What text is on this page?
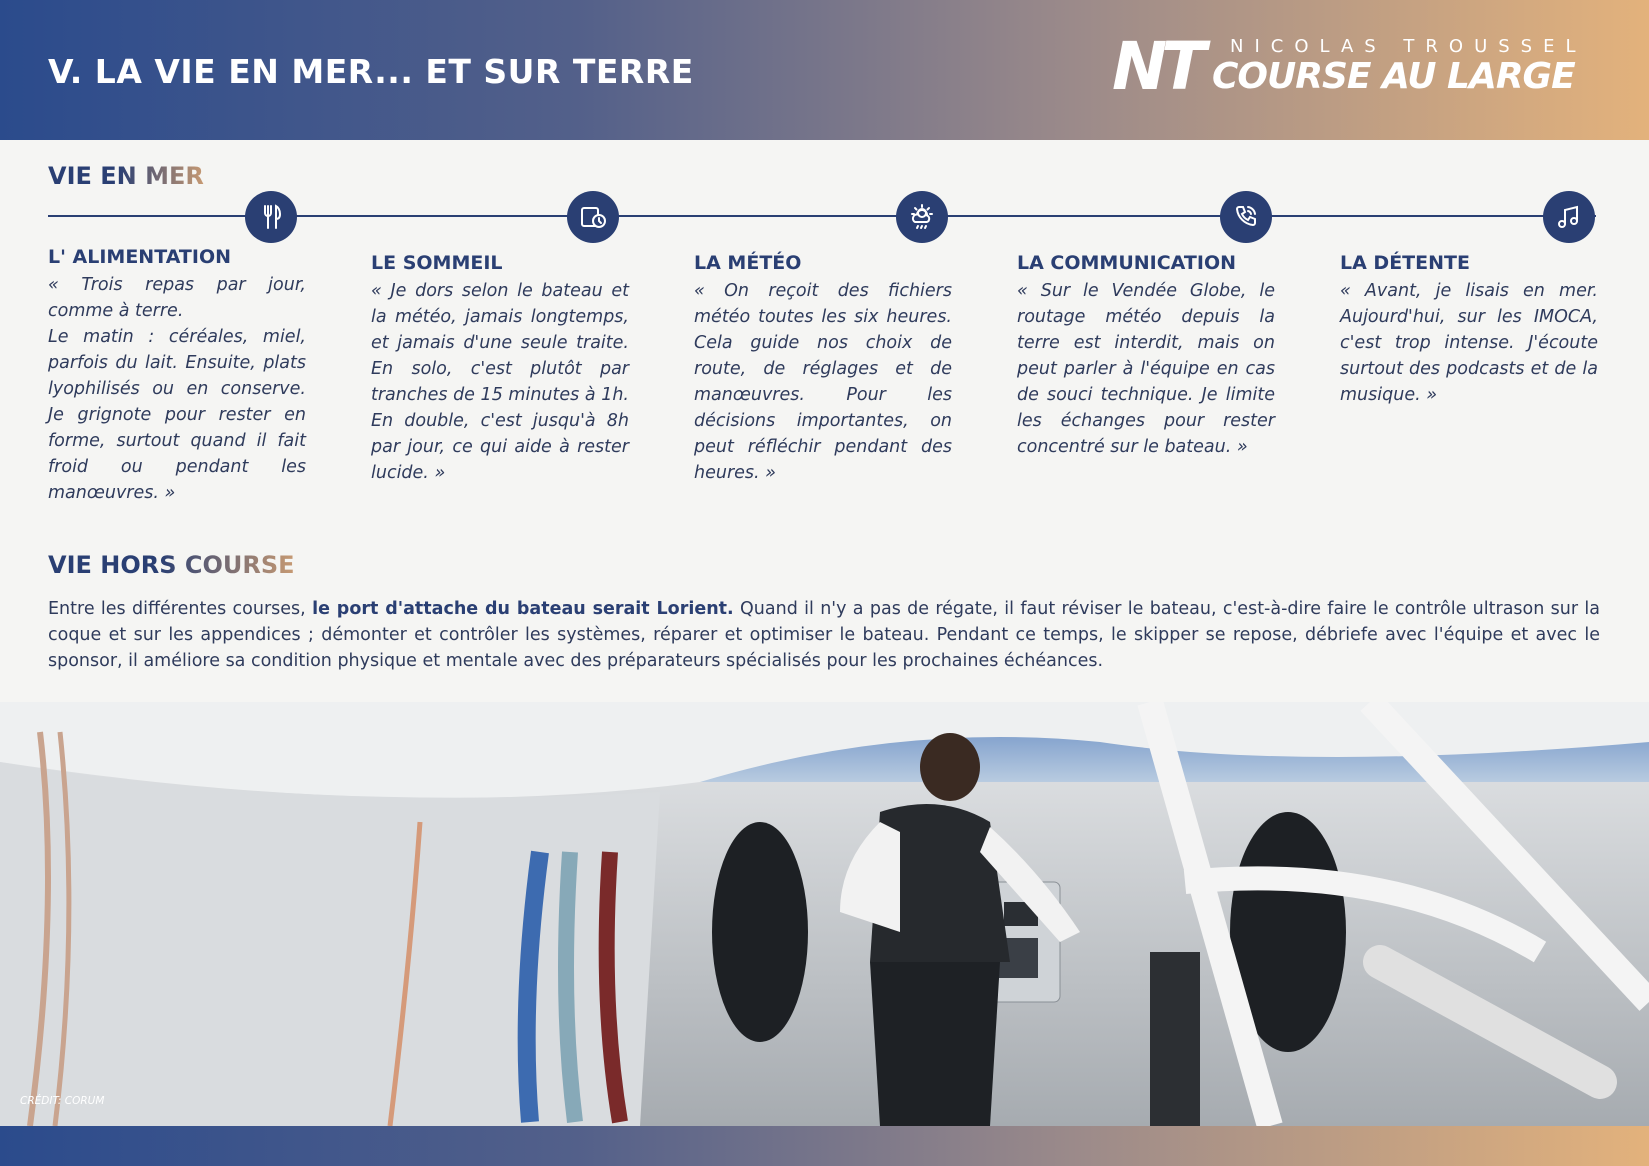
V. LA VIE EN MER... ET SUR TERRE	NT NICOLAS TROUSSEL
COURSE AU LARGE
VIE EN MER
L' ALIMENTATION

« Trois repas par jour, comme à terre.
Le matin : céréales, miel, parfois du lait. Ensuite, plats lyophilisés ou en conserve. Je grignote pour rester en forme, surtout quand il fait froid ou pendant les manœuvres. »

LE SOMMEIL

« Je dors selon le bateau et la météo, jamais longtemps, et jamais d'une seule traite. En solo, c'est plutôt par tranches de 15 minutes à 1h. En double, c'est jusqu'à 8h par jour, ce qui aide à rester lucide. »

LA MÉTÉO

« On reçoit des fichiers météo toutes les six heures. Cela guide nos choix de route, de réglages et de manœuvres. Pour les décisions importantes, on peut réfléchir pendant des heures. »

LA COMMUNICATION

« Sur le Vendée Globe, le routage météo depuis la terre est interdit, mais on peut parler à l'équipe en cas de souci technique. Je limite les échanges pour rester concentré sur le bateau. »

LA DÉTENTE

« Avant, je lisais en mer. Aujourd'hui, sur les IMOCA, c'est trop intense. J'écoute surtout des podcasts et de la musique. »

VIE HORS COURSE

Entre les différentes courses, le port d'attache du bateau serait Lorient. Quand il n'y a pas de régate, il faut réviser le bateau, c'est-à-dire faire le contrôle ultrason sur la coque et sur les appendices ; démonter et contrôler les systèmes, réparer et optimiser le bateau. Pendant ce temps, le skipper se repose, débriefe avec l'équipe et avec le sponsor, il améliore sa condition physique et mentale avec des préparateurs spécialisés pour les prochaines échéances.

CRÉDIT: CORUM
